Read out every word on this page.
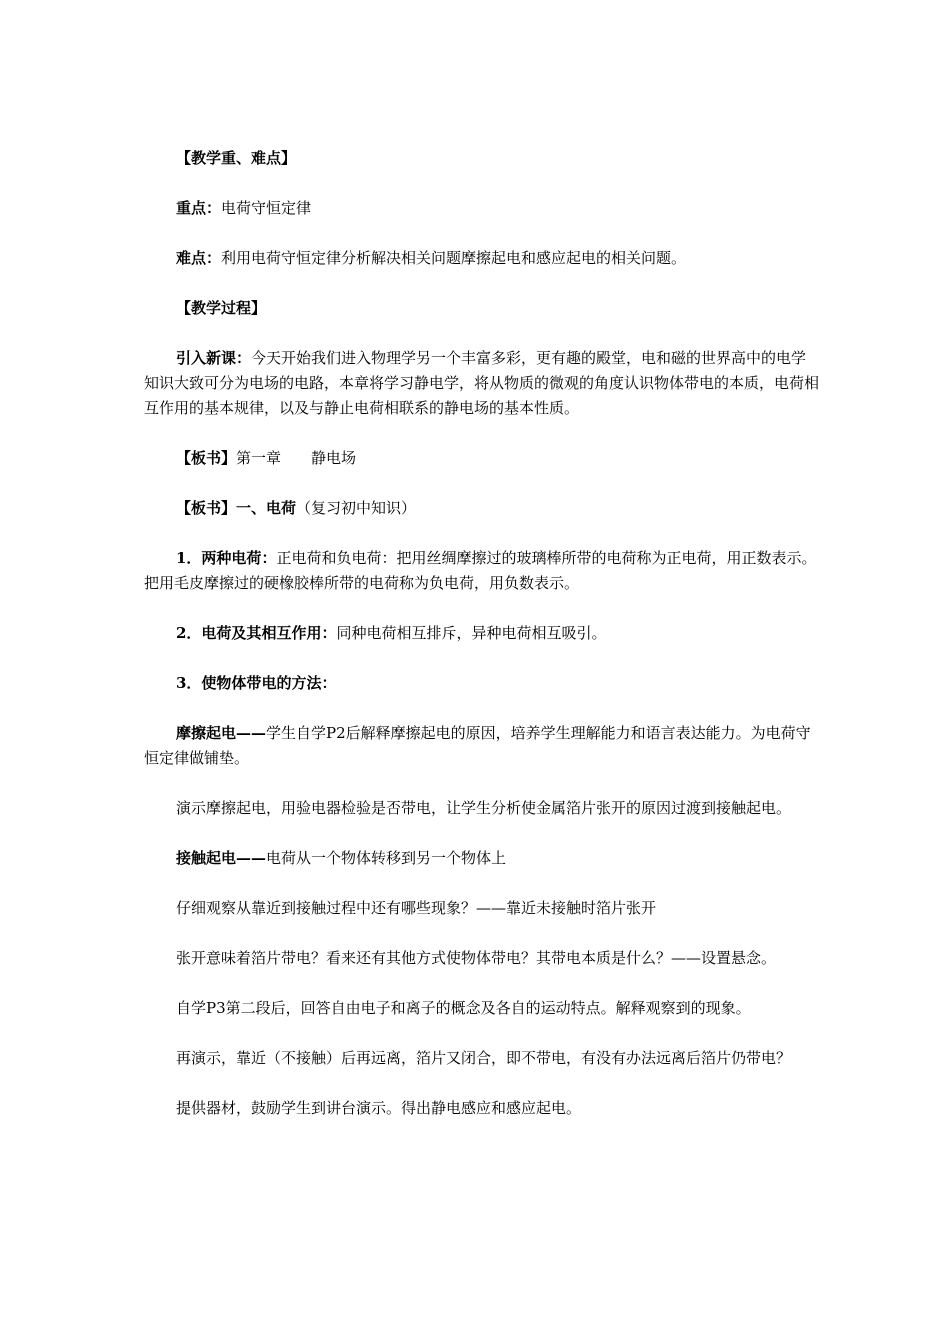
【教学重、难点】

重点：电荷守恒定律

难点：利用电荷守恒定律分析解决相关问题摩擦起电和感应起电的相关问题。

【教学过程】

引入新课：今天开始我们进入物理学另一个丰富多彩，更有趣的殿堂，电和磁的世界高中的电学知识大致可分为电场的电路，本章将学习静电学，将从物质的微观的角度认识物体带电的本质，电荷相互作用的基本规律，以及与静止电荷相联系的静电场的基本性质。

【板书】第一章　　静电场

【板书】一、电荷（复习初中知识）

1．两种电荷：正电荷和负电荷：把用丝绸摩擦过的玻璃棒所带的电荷称为正电荷，用正数表示。把用毛皮摩擦过的硬橡胶棒所带的电荷称为负电荷，用负数表示。

2．电荷及其相互作用：同种电荷相互排斥，异种电荷相互吸引。

3．使物体带电的方法：

摩擦起电——学生自学P2后解释摩擦起电的原因，培养学生理解能力和语言表达能力。为电荷守恒定律做铺垫。

演示摩擦起电，用验电器检验是否带电，让学生分析使金属箔片张开的原因过渡到接触起电。

接触起电——电荷从一个物体转移到另一个物体上

仔细观察从靠近到接触过程中还有哪些现象？——靠近未接触时箔片张开

张开意味着箔片带电？看来还有其他方式使物体带电？其带电本质是什么？——设置悬念。

自学P3第二段后，回答自由电子和离子的概念及各自的运动特点。解释观察到的现象。

再演示，靠近（不接触）后再远离，箔片又闭合，即不带电，有没有办法远离后箔片仍带电？

提供器材，鼓励学生到讲台演示。得出静电感应和感应起电。
